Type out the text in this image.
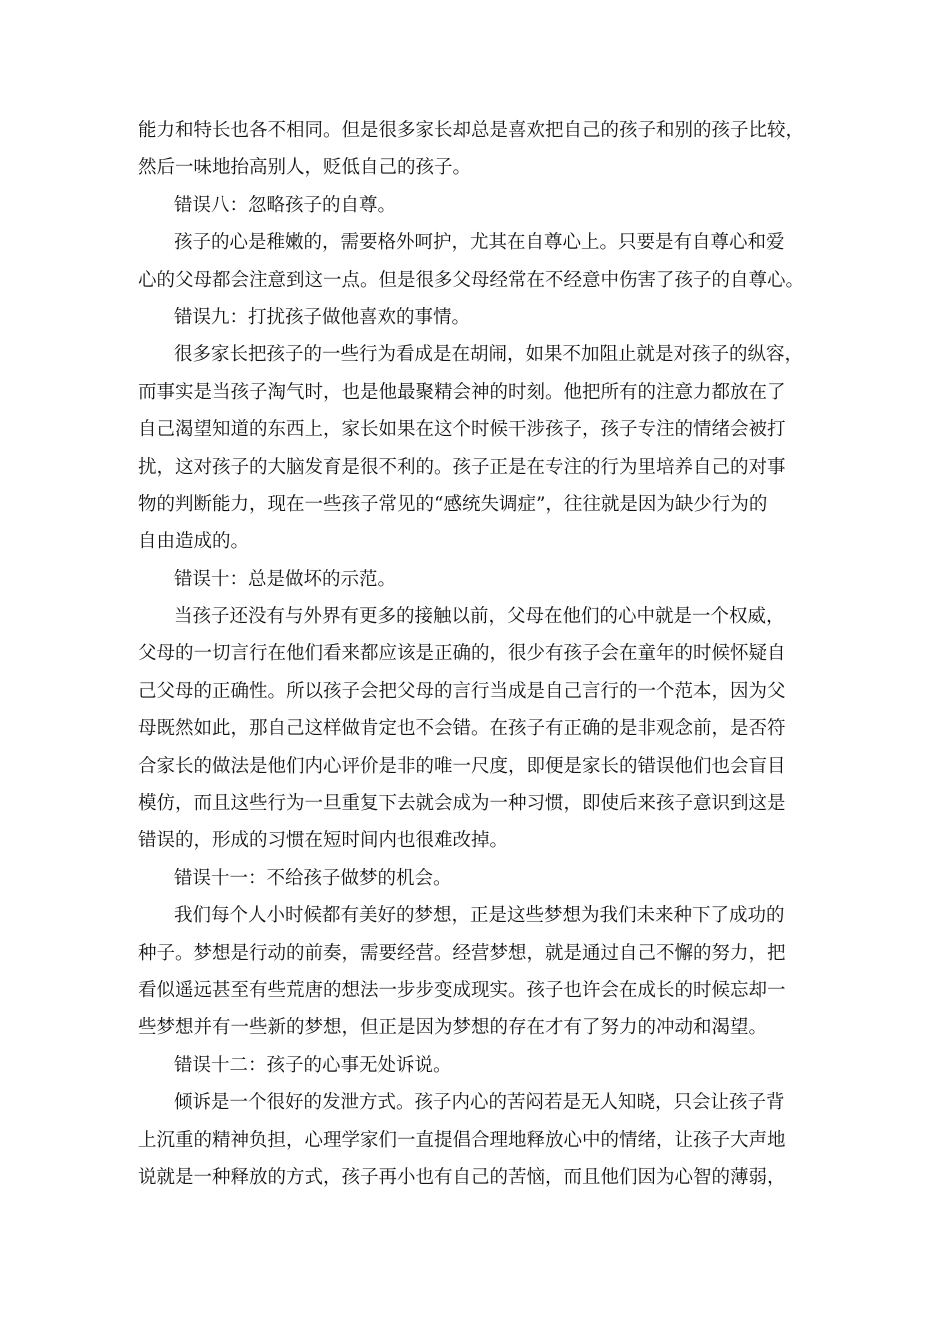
能力和特长也各不相同。但是很多家长却总是喜欢把自己的孩子和别的孩子比较，
然后一味地抬高别人，贬低自己的孩子。
错误八：忽略孩子的自尊。
孩子的心是稚嫩的，需要格外呵护，尤其在自尊心上。只要是有自尊心和爱
心的父母都会注意到这一点。但是很多父母经常在不经意中伤害了孩子的自尊心。
错误九：打扰孩子做他喜欢的事情。
很多家长把孩子的一些行为看成是在胡闹，如果不加阻止就是对孩子的纵容，
而事实是当孩子淘气时，也是他最聚精会神的时刻。他把所有的注意力都放在了
自己渴望知道的东西上，家长如果在这个时候干涉孩子，孩子专注的情绪会被打
扰，这对孩子的大脑发育是很不利的。孩子正是在专注的行为里培养自己的对事
物的判断能力，现在一些孩子常见的“感统失调症”，往往就是因为缺少行为的
自由造成的。
错误十：总是做坏的示范。
当孩子还没有与外界有更多的接触以前，父母在他们的心中就是一个权威，
父母的一切言行在他们看来都应该是正确的，很少有孩子会在童年的时候怀疑自
己父母的正确性。所以孩子会把父母的言行当成是自己言行的一个范本，因为父
母既然如此，那自己这样做肯定也不会错。在孩子有正确的是非观念前，是否符
合家长的做法是他们内心评价是非的唯一尺度，即便是家长的错误他们也会盲目
模仿，而且这些行为一旦重复下去就会成为一种习惯，即使后来孩子意识到这是
错误的，形成的习惯在短时间内也很难改掉。
错误十一：不给孩子做梦的机会。
我们每个人小时候都有美好的梦想，正是这些梦想为我们未来种下了成功的
种子。梦想是行动的前奏，需要经营。经营梦想，就是通过自己不懈的努力，把
看似遥远甚至有些荒唐的想法一步步变成现实。孩子也许会在成长的时候忘却一
些梦想并有一些新的梦想，但正是因为梦想的存在才有了努力的冲动和渴望。
错误十二：孩子的心事无处诉说。
倾诉是一个很好的发泄方式。孩子内心的苦闷若是无人知晓，只会让孩子背
上沉重的精神负担，心理学家们一直提倡合理地释放心中的情绪，让孩子大声地
说就是一种释放的方式，孩子再小也有自己的苦恼，而且他们因为心智的薄弱，
